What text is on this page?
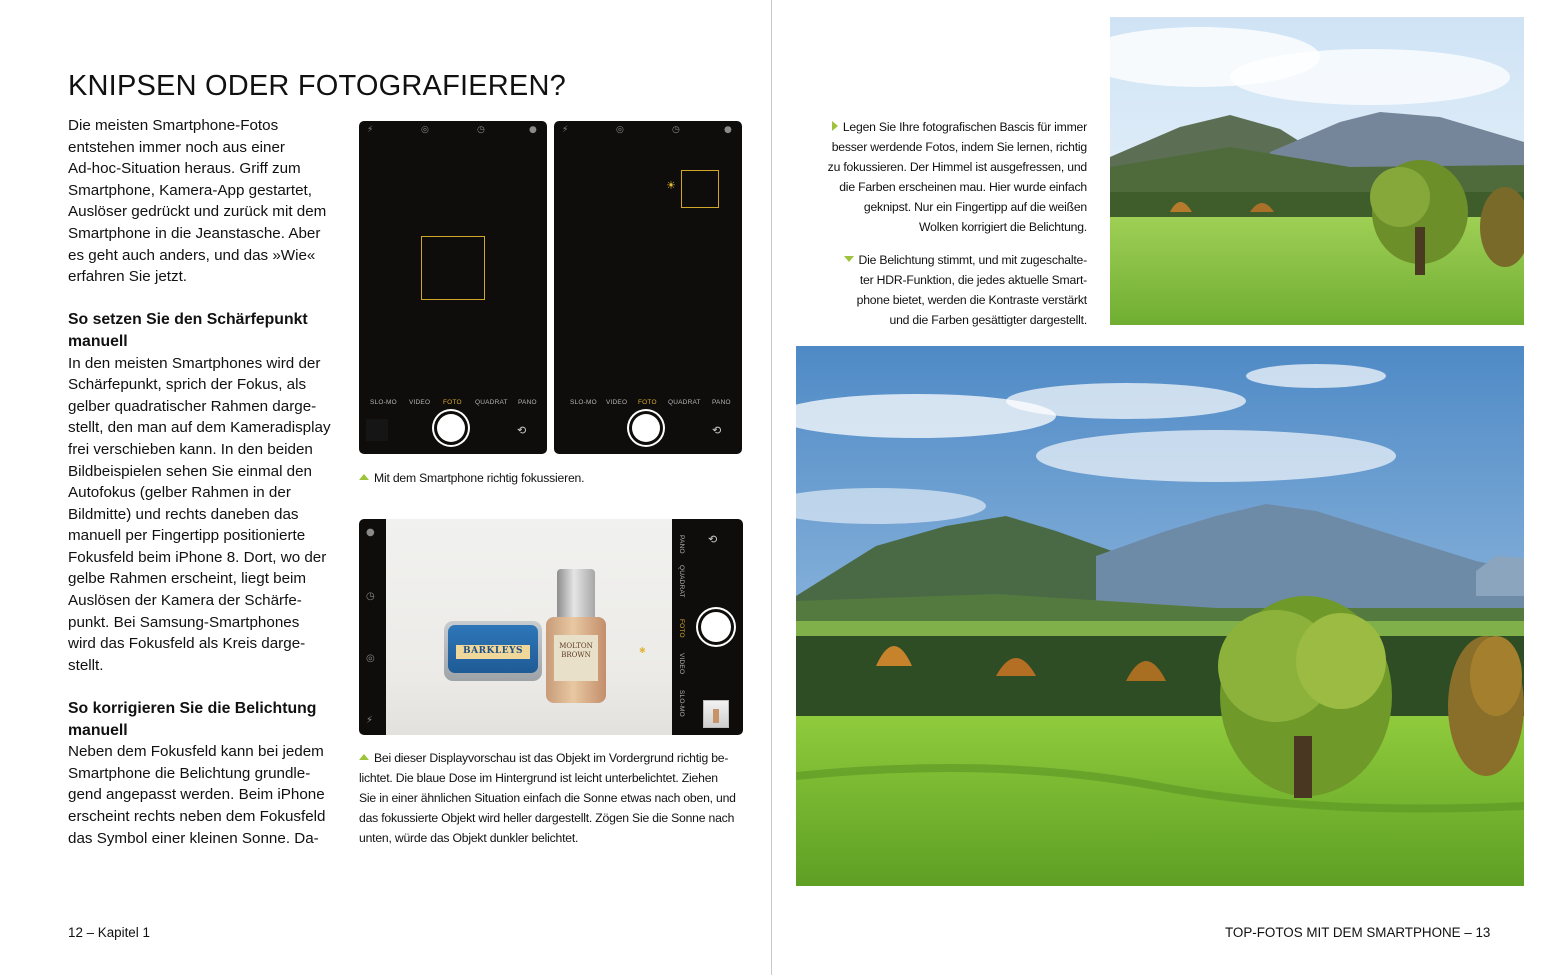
KNIPSEN ODER FOTOGRAFIEREN?

Die meisten Smartphone-Fotos

entstehen immer noch aus einer

Ad-hoc-Situation heraus. Griff zum

Smartphone, Kamera-App gestartet,

Auslöser gedrückt und zurück mit dem

Smartphone in die Jeanstasche. Aber

es geht auch anders, und das »Wie«

erfahren Sie jetzt.

So setzen Sie den Schärfepunkt
manuell

In den meisten Smartphones wird der

Schärfepunkt, sprich der Fokus, als

gelber quadratischer Rahmen darge-

stellt, den man auf dem Kameradisplay

frei verschieben kann. In den beiden

Bildbeispielen sehen Sie einmal den

Autofokus (gelber Rahmen in der

Bildmitte) und rechts daneben das

manuell per Fingertipp positionierte

Fokusfeld beim iPhone 8. Dort, wo der

gelbe Rahmen erscheint, liegt beim

Auslösen der Kamera der Schärfe-

punkt. Bei Samsung-Smartphones

wird das Fokusfeld als Kreis darge-

stellt.

So korrigieren Sie die Belichtung
manuell

Neben dem Fokusfeld kann bei jedem

Smartphone die Belichtung grundle-

gend angepasst werden. Beim iPhone

erscheint rechts neben dem Fokusfeld

das Symbol einer kleinen Sonne. Da-

⚡	◎	◷	●
SLO-MO VIDEO FOTO QUADRAT PANO
⟲
⚡	◎	◷	●
☀
SLO-MO VIDEO FOTO QUADRAT PANO
⟲
Mit dem Smartphone richtig fokussieren.
●
◷
◎
⚡
BARKLEYS	MOLTON
BROWN	✱
⟲
PANO
QUADRAT
FOTO
VIDEO
SLO-MO
Bei dieser Displayvorschau ist das Objekt im Vordergrund richtig be-
lichtet. Die blaue Dose im Hintergrund ist leicht unterbelichtet. Ziehen
Sie in einer ähnlichen Situation einfach die Sonne etwas nach oben, und
das fokussierte Objekt wird heller dargestellt. Zögen Sie die Sonne nach
unten, würde das Objekt dunkler belichtet.
12 – Kapitel 1
Legen Sie Ihre fotografischen Bascis für immer
besser werdende Fotos, indem Sie lernen, richtig
zu fokussieren. Der Himmel ist ausgefressen, und
die Farben erscheinen mau. Hier wurde einfach
geknipst. Nur ein Fingertipp auf die weißen
Wolken korrigiert die Belichtung.
Die Belichtung stimmt, und mit zugeschalte-
ter HDR-Funktion, die jedes aktuelle Smart-
phone bietet, werden die Kontraste verstärkt
und die Farben gesättigter dargestellt.
TOP-FOTOS MIT DEM SMARTPHONE – 13
